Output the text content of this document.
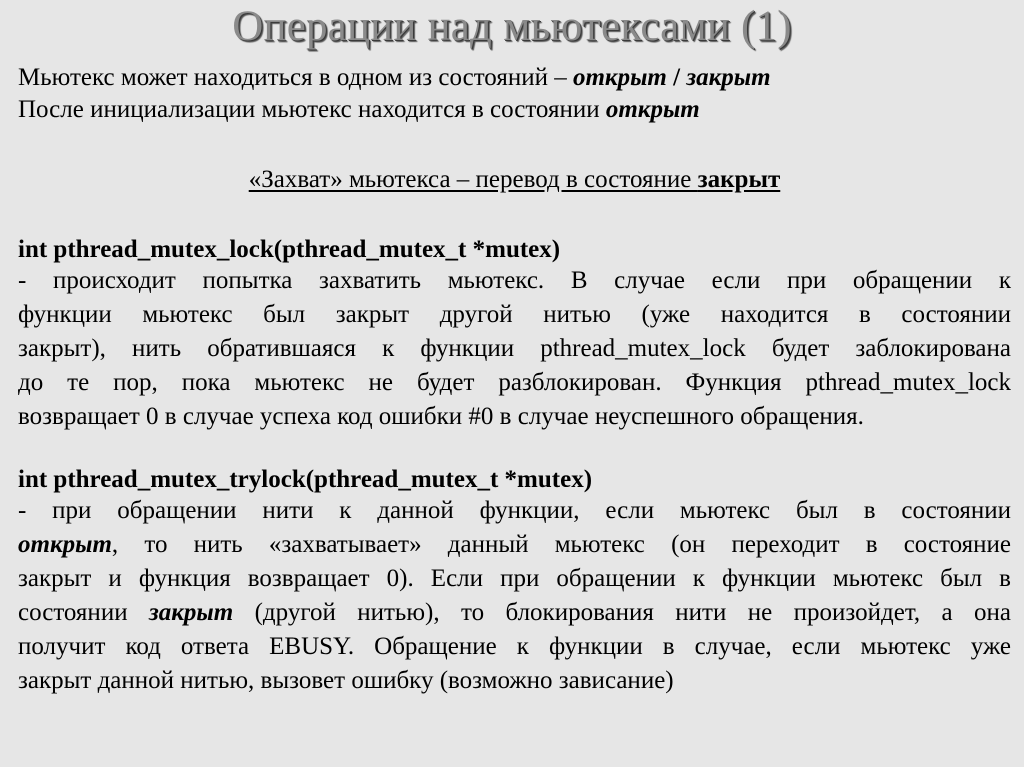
Операции над мьютексами (1)
Мьютекс может находиться в одном из состояний – открыт / закрыт
После инициализации мьютекс находится в состоянии открыт
«Захват» мьютекса – перевод в состояние закрыт
int pthread_mutex_lock(pthread_mutex_t *mutex)
- происходит попытка захватить мьютекс. В случае если при обращении к
функции мьютекс был закрыт другой нитью (уже находится в состоянии
закрыт), нить обратившаяся к функции pthread_mutex_lock будет заблокирована
до те пор, пока мьютекс не будет разблокирован. Функция pthread_mutex_lock
возвращает 0 в случае успеха код ошибки #0 в случае неуспешного обращения.
int pthread_mutex_trylock(pthread_mutex_t *mutex)
- при обращении нити к данной функции, если мьютекс был в состоянии
открыт, то нить «захватывает» данный мьютекс (он переходит в состояние
закрыт и функция возвращает 0). Если при обращении к функции мьютекс был в
состоянии закрыт (другой нитью), то блокирования нити не произойдет, а она
получит код ответа EBUSY. Обращение к функции в случае, если мьютекс уже
закрыт данной нитью, вызовет ошибку (возможно зависание)
